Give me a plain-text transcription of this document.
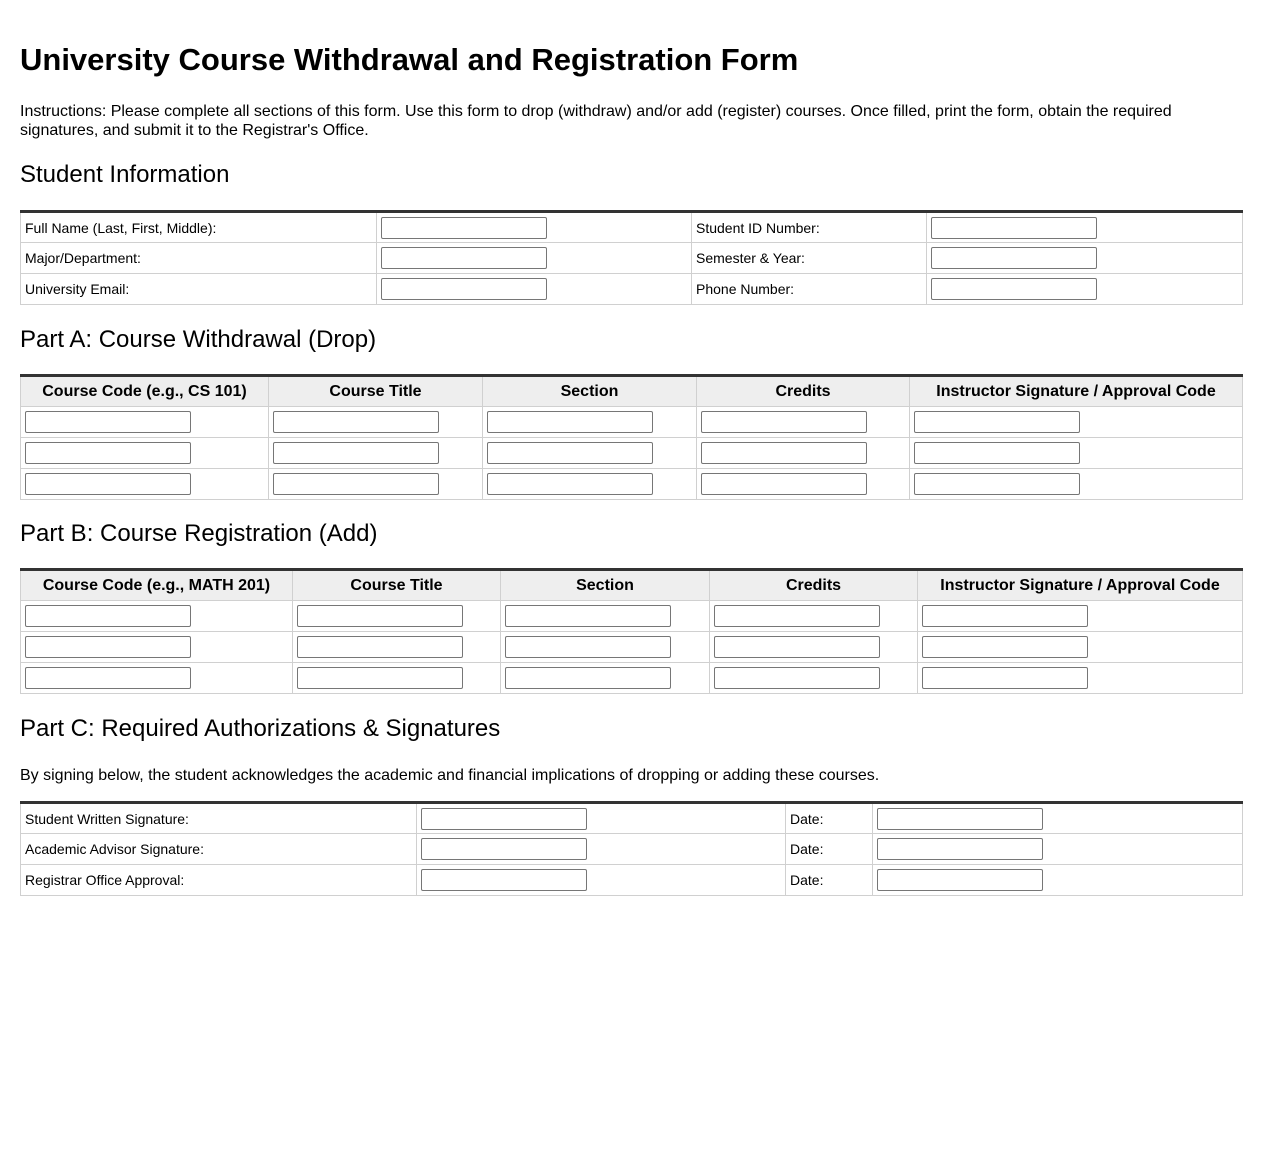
University Course Withdrawal and Registration Form

Instructions: Please complete all sections of this form. Use this form to drop (withdraw) and/or add (register) courses. Once filled, print the form, obtain the required signatures, and submit it to the Registrar's Office.

Student Information
Full Name (Last, First, Middle):		Student ID Number:	

Major/Department:		Semester & Year:	

University Email:		Phone Number:	
Part A: Course Withdrawal (Drop)
Course Code (e.g., CS 101)	Course Title	Section	Credits	Instructor Signature / Approval Code

Part B: Course Registration (Add)
Course Code (e.g., MATH 201)	Course Title	Section	Credits	Instructor Signature / Approval Code

Part C: Required Authorizations & Signatures

By signing below, the student acknowledges the academic and financial implications of dropping or adding these courses.

Student Written Signature:		Date:	

Academic Advisor Signature:		Date:	

Registrar Office Approval:		Date:	
